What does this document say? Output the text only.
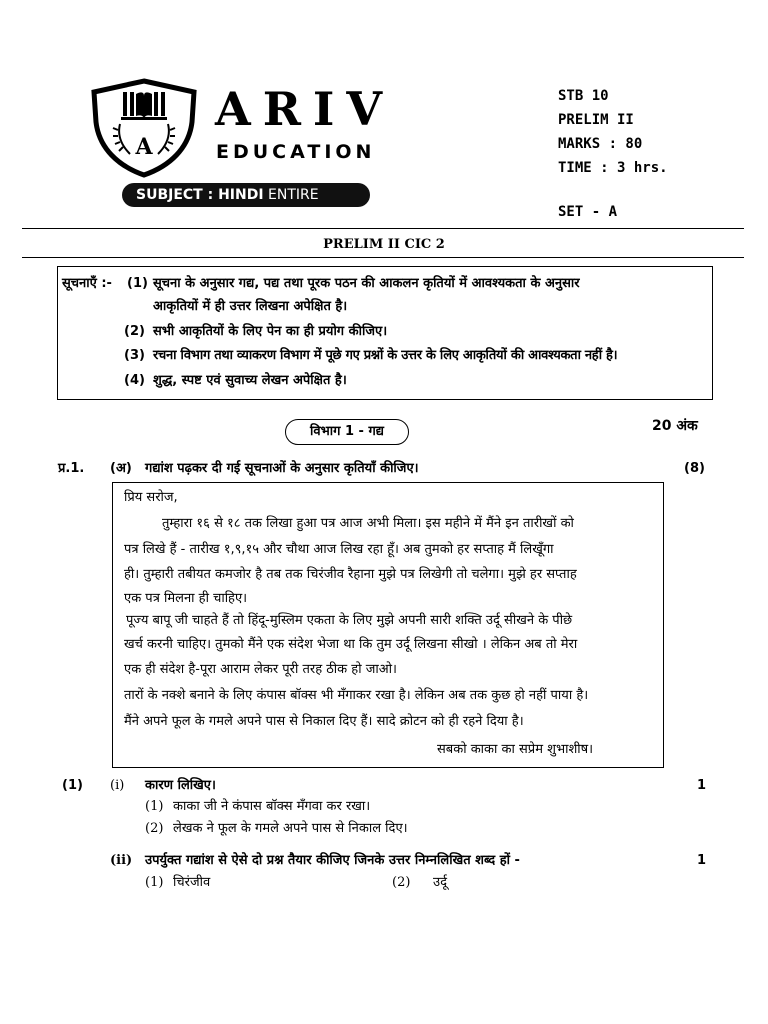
A
ARIV
EDUCATION
SUBJECT : HINDI ENTIRE
STB 10
PRELIM II
MARKS : 80
TIME : 3 hrs.
SET - A
PRELIM II CIC 2
सूचनाएँ :- (1) सूचना के अनुसार गद्य, पद्य तथा पूरक पठन की आकलन कृतियों में आवश्यकता के अनुसार
आकृतियों में ही उत्तर लिखना अपेक्षित है।
(2) सभी आकृतियों के लिए पेन का ही प्रयोग कीजिए।
(3) रचना विभाग तथा व्याकरण विभाग में पूछे गए प्रश्नों के उत्तर के लिए आकृतियों की आवश्यकता नहीं है।
(4) शुद्ध, स्पष्ट एवं सुवाच्य लेखन अपेक्षित है।
विभाग 1 - गद्य	20 अंक
प्र.1. (अ) गद्यांश पढ़कर दी गई सूचनाओं के अनुसार कृतियाँ कीजिए।	(8)
प्रिय सरोज,
तुम्हारा १६ से १८ तक लिखा हुआ पत्र आज अभी मिला। इस महीने में मैंने इन तारीखों को
पत्र लिखे हैं - तारीख १,९,१५ और चौथा आज लिख रहा हूँ। अब तुमको हर सप्ताह मैं लिखूँगा
ही। तुम्हारी तबीयत कमजोर है तब तक चिरंजीव रैहाना मुझे पत्र लिखेगी तो चलेगा। मुझे हर सप्ताह
एक पत्र मिलना ही चाहिए।
पूज्य बापू जी चाहते हैं तो हिंदू-मुस्लिम एकता के लिए मुझे अपनी सारी शक्ति उर्दू सीखने के पीछे
खर्च करनी चाहिए। तुमको मैंने एक संदेश भेजा था कि तुम उर्दू लिखना सीखो । लेकिन अब तो मेरा
एक ही संदेश है-पूरा आराम लेकर पूरी तरह ठीक हो जाओ।
तारों के नक्शे बनाने के लिए कंपास बॉक्स भी मँगाकर रखा है। लेकिन अब तक कुछ हो नहीं पाया है।
मैंने अपने फूल के गमले अपने पास से निकाल दिए हैं। सादे क्रोटन को ही रहने दिया है।
सबको काका का सप्रेम शुभाशीष।
(1) (i) कारण लिखिए।	1
(1) काका जी ने कंपास बॉक्स मँगवा कर रखा।
(2) लेखक ने फूल के गमले अपने पास से निकाल दिए।
(ii) उपर्युक्त गद्यांश से ऐसे दो प्रश्न तैयार कीजिए जिनके उत्तर निम्नलिखित शब्द हों -	1
(1) चिरंजीव	(2) उर्दू
